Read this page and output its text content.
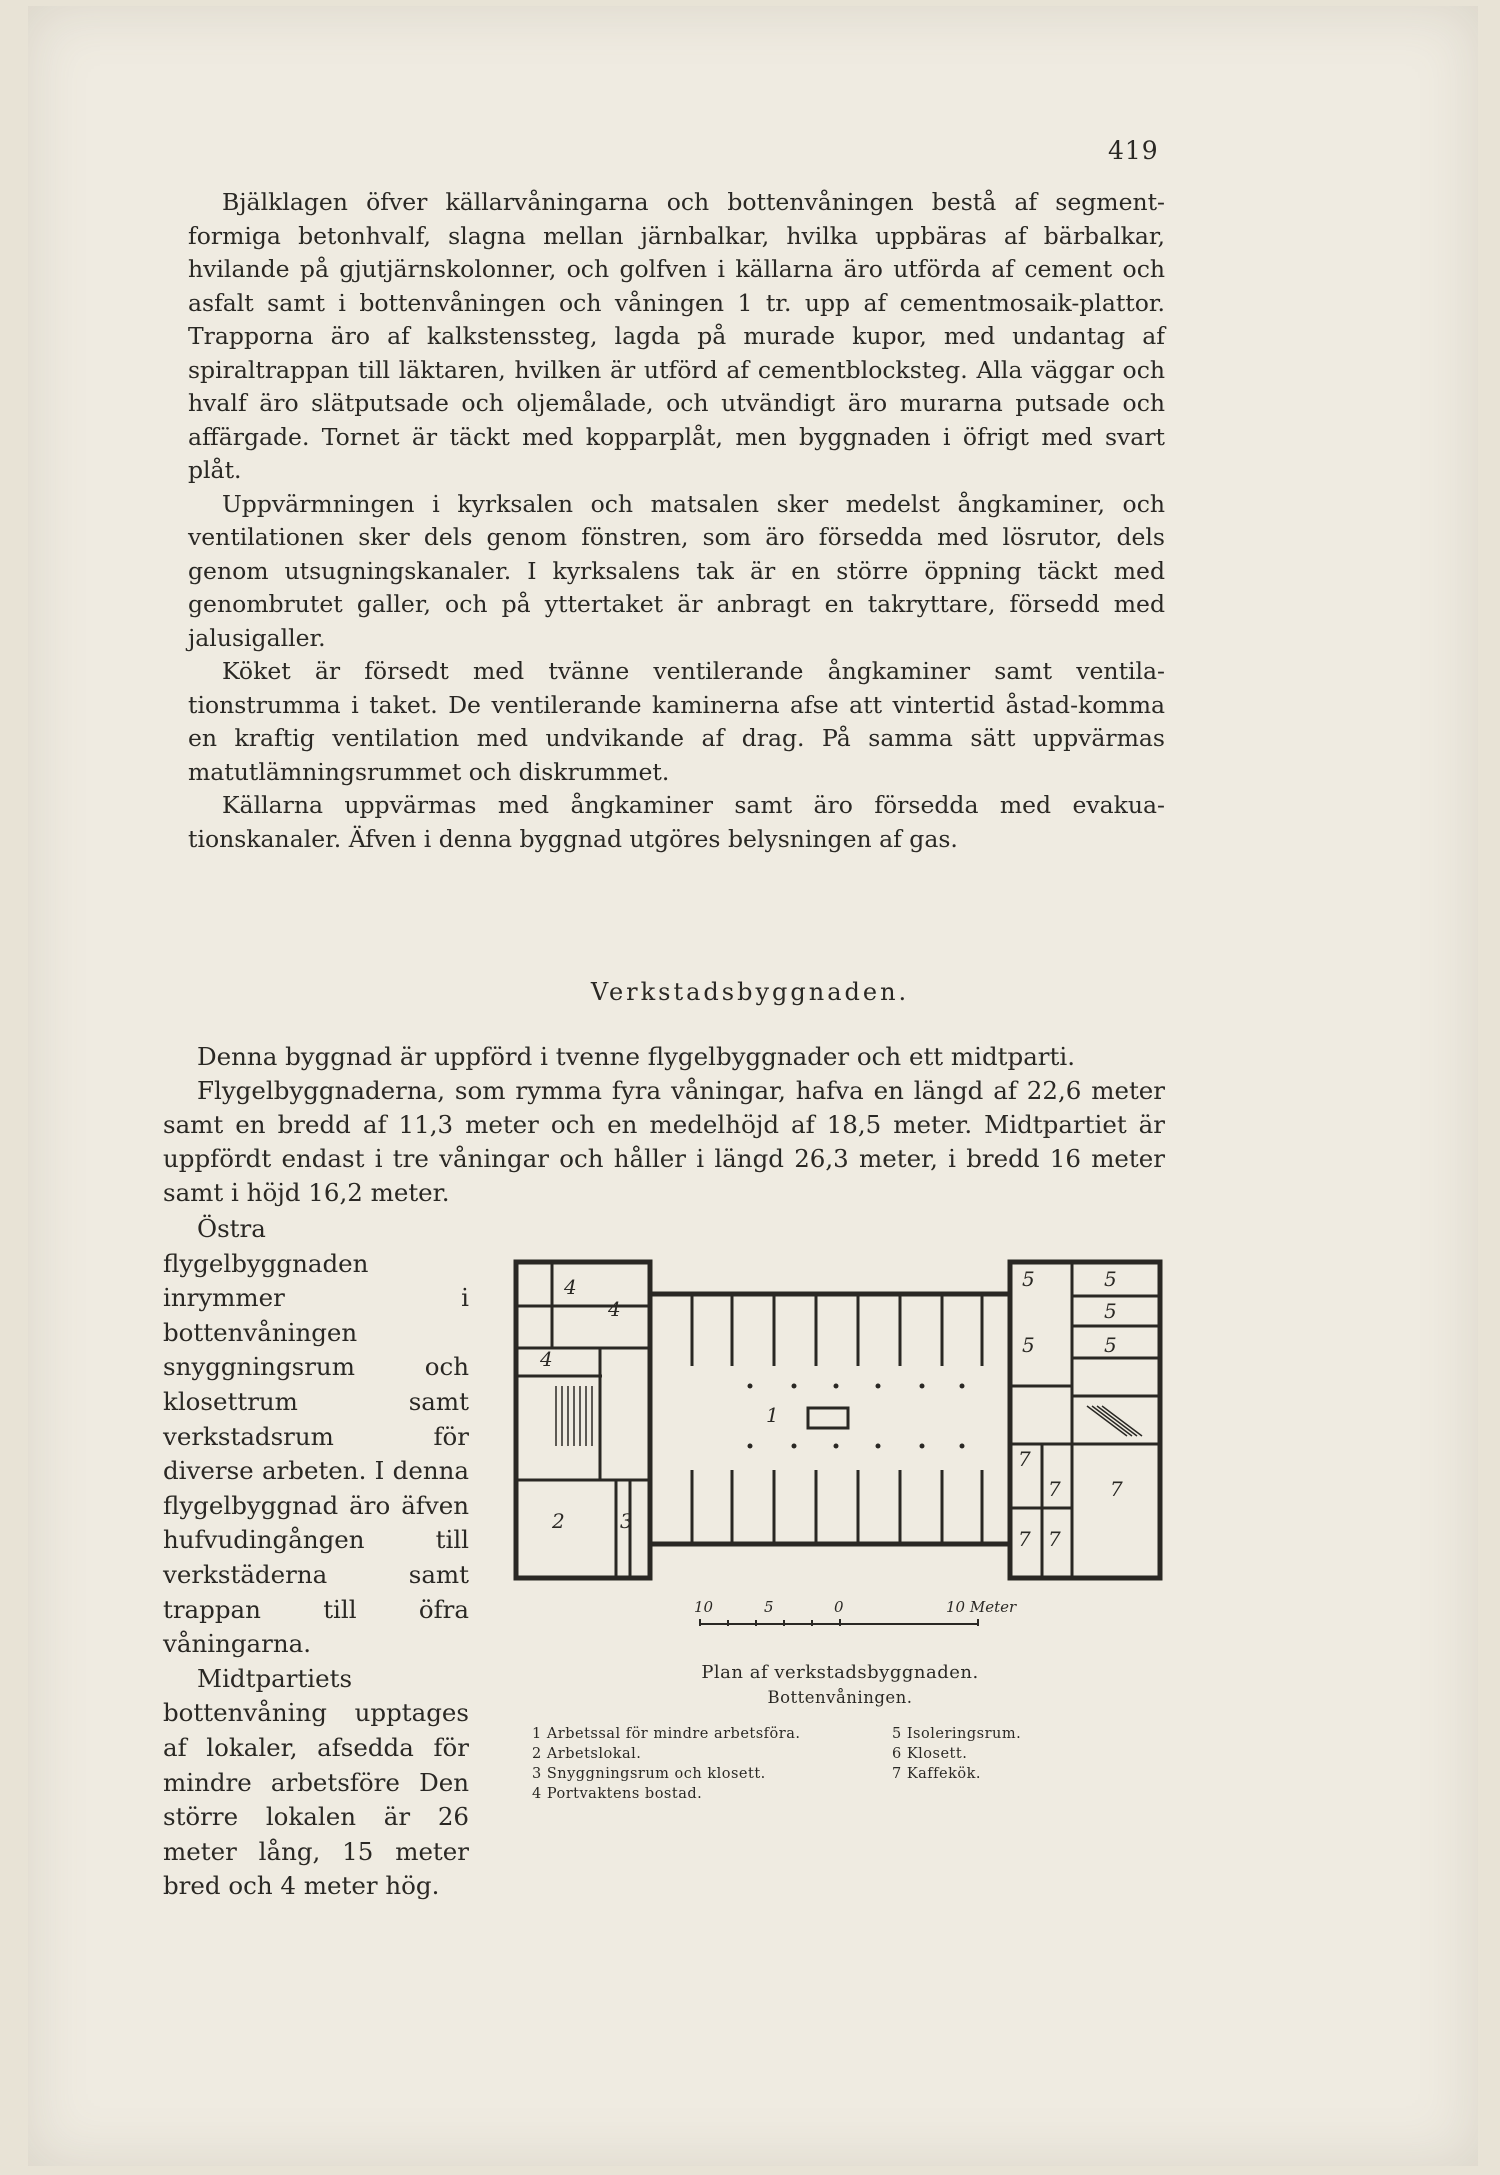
419

Bjälklagen öfver källarvåningarna och bottenvåningen bestå af segment-formiga betonhvalf, slagna mellan järnbalkar, hvilka uppbäras af bärbalkar, hvilande på gjutjärnskolonner, och golfven i källarna äro utförda af cement och asfalt samt i bottenvåningen och våningen 1 tr. upp af cementmosaik-plattor. Trapporna äro af kalkstenssteg, lagda på murade kupor, med undantag af spiraltrappan till läktaren, hvilken är utförd af cementblocksteg. Alla väggar och hvalf äro slätputsade och oljemålade, och utvändigt äro murarna putsade och affärgade. Tornet är täckt med kopparplåt, men byggnaden i öfrigt med svart plåt.

Uppvärmningen i kyrksalen och matsalen sker medelst ångkaminer, och ventilationen sker dels genom fönstren, som äro försedda med lösrutor, dels genom utsugningskanaler. I kyrksalens tak är en större öppning täckt med genombrutet galler, och på yttertaket är anbragt en takryttare, försedd med jalusigaller.

Köket är försedt med tvänne ventilerande ångkaminer samt ventila-tionstrumma i taket. De ventilerande kaminerna afse att vintertid åstad-komma en kraftig ventilation med undvikande af drag. På samma sätt uppvärmas matutlämningsrummet och diskrummet.

Källarna uppvärmas med ångkaminer samt äro försedda med evakua-tionskanaler. Äfven i denna byggnad utgöres belysningen af gas.

Verkstadsbyggnaden.

Denna byggnad är uppförd i tvenne flygelbyggnader och ett midtparti.

Flygelbyggnaderna, som rymma fyra våningar, hafva en längd af 22,6 meter samt en bredd af 11,3 meter och en medelhöjd af 18,5 meter. Midtpartiet är uppfördt endast i tre våningar och håller i längd 26,3 meter, i bredd 16 meter samt i höjd 16,2 meter.

Östra flygelbyggnaden inrymmer i bottenvåningen snyggningsrum och klosettrum samt verkstadsrum för diverse arbeten. I denna flygelbyggnad äro äfven hufvudingången till verkstäderna samt trappan till öfra våningarna.

Midtpartiets bottenvåning upptages af lokaler, afsedda för mindre arbetsföre Den större lokalen är 26 meter lång, 15 meter bred och 4 meter hög.

4
4
4
1
2	3
5	5
5
5	5
7
7 7
7 7
10	5	0	10 Meter
Plan af verkstadsbyggnaden.
Bottenvåningen.
1 Arbetssal för mindre arbetsföra.	5 Isoleringsrum.
2 Arbetslokal.	6 Klosett.
3 Snyggningsrum och klosett.	7 Kaffekök.
4 Portvaktens bostad.
